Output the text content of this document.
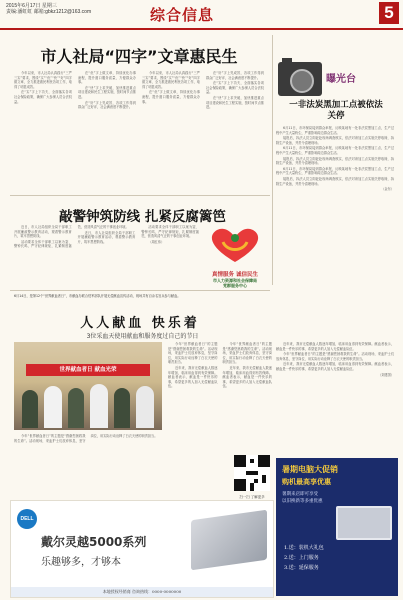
2015年6月17日 星期三
责编:潘虹虹 邮箱:gbkz1212@163.com	综合信息	5
市人社局“四字”文章惠民生

今年以来，市人社局认真践行“三严三实”要求，围绕“实”“优”“快”“好”四字做文章，全力推进惠民利民各项工作，取得了明显成效。

在“实”字上下功夫，全面落实各项社会保险政策，确保广大参保人员合法权益。

在“优”字上做文章，持续优化办事流程，提升窗口服务质量，方便群众办事。

在“快”字上求突破，加快推进重点项目建设和民生工程实施，按时间节点推进。

在“好”字上见成效，各项工作得到群众广泛好评，社会满意度不断提升。

今年以来，市人社局认真践行“三严三实”要求，围绕“实”“优”“快”“好”四字做文章，全力推进惠民利民各项工作，取得了明显成效。

在“优”字上做文章，持续优化办事流程，提升窗口服务质量，方便群众办事。

在“好”字上见成效，各项工作得到群众广泛好评，社会满意度不断提升。

在“实”字上下功夫，全面落实各项社会保险政策，确保广大参保人员合法权益。

在“快”字上求突破，加快推进重点项目建设和民生工程实施，按时间节点推进。

敲警钟筑防线 扎紧反腐篱笆

近日，市人社局组织全局干部职工开展廉政警示教育活动，观看警示教育片，筑牢思想防线。

活动要求全体干部职工以案为鉴、警钟长鸣，严守纪律规矩，扎紧制度篱笆，营造风清气正的干事创业环境。

近日，市人社局组织全局干部职工开展廉政警示教育活动，观看警示教育片，筑牢思想防线。

活动要求全体干部职工以案为鉴、警钟长鸣，严守纪律规矩，扎紧制度篱笆，营造风清气正的干事创业环境。

（周红伟）

真情服务 诚信民生
市人力资源和社会保障局
党群服务中心
曝光台
一非法炭黑加工点被依法关停

6月11日，市环保局接到群众举报，反映某地有一处非法炭黑加工点，生产过程中产生大量粉尘，严重影响周边群众生活。

接报后，执法人员立即赶赴现场调查核实，依法对该加工点实施关停取缔，拆除生产设备，并责令清理现场。

6月11日，市环保局接到群众举报，反映某地有一处非法炭黑加工点，生产过程中产生大量粉尘，严重影响周边群众生活。

接报后，执法人员立即赶赴现场调查核实，依法对该加工点实施关停取缔，拆除生产设备，并责令清理现场。

6月11日，市环保局接到群众举报，反映某地有一处非法炭黑加工点，生产过程中产生大量粉尘，严重影响周边群众生活。

接报后，执法人员立即赶赴现场调查核实，依法对该加工点实施关停取缔，拆除生产设备，并责令清理现场。

（金东）

6月14日，是第12个“世界献血者日”，市献血办联合驻军部队开展无偿献血宣传活动，现场共有百余名官兵参与献血。
人人献血 快乐着
3位采血天使用献血和服务度过自己的节日
世界献血者日 献血光荣

今年“世界献血者日”的主题是“感谢您拯救我的生命”。活动现场，采血护士们放弃休息，坚守岗位，用实际行动诠释了白衣天使的职责担当。

近年来，我市无偿献血人数逐年增加，临床用血得到有效保障。献血者表示，献血是一件快乐的事，希望更多的人加入无偿献血队伍。

今年“世界献血者日”的主题是“感谢您拯救我的生命”。活动现场，采血护士们放弃休息，坚守岗位，用实际行动诠释了白衣天使的职责担当。

近年来，我市无偿献血人数逐年增加，临床用血得到有效保障。献血者表示，献血是一件快乐的事，希望更多的人加入无偿献血队伍。

近年来，我市无偿献血人数逐年增加，临床用血得到有效保障。献血者表示，献血是一件快乐的事，希望更多的人加入无偿献血队伍。

今年“世界献血者日”的主题是“感谢您拯救我的生命”。活动现场，采血护士们放弃休息，坚守岗位，用实际行动诠释了白衣天使的职责担当。

近年来，我市无偿献血人数逐年增加，临床用血得到有效保障。献血者表示，献血是一件快乐的事，希望更多的人加入无偿献血队伍。

（刘建国）

今年“世界献血者日”的主题是“感谢您拯救我的生命”。活动现场，采血护士们放弃休息，坚守岗位，用实际行动诠释了白衣天使的职责担当。

扫一扫 了解更多
暑期电脑大促销
购机最高享优惠
暑期来店即可享受
以旧换新等多重优惠
1.送：装机大礼包
2.送：上门服务
3.送：延保服务
DELL
戴尔灵越5000系列
乐趣够多，才够本
本地授权经销商 咨询热线：0000-0000000
